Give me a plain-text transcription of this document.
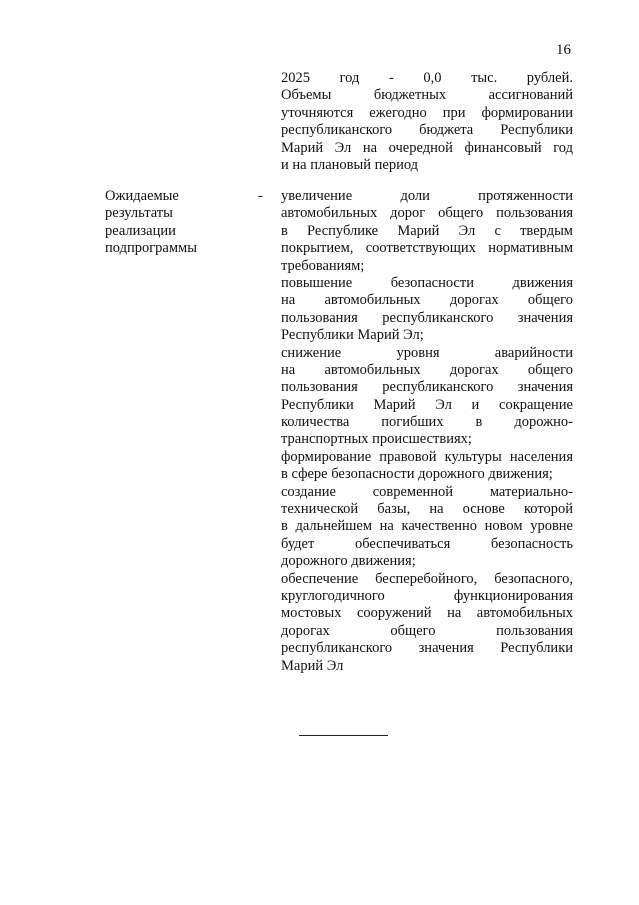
16
2025 год - 0,0 тыс. рублей.
Объемы бюджетных ассигнований
уточняются ежегодно при формировании
республиканского бюджета Республики
Марий Эл на очередной финансовый год
и на плановый период
Ожидаемые
результаты
реализации
подпрограммы
- увеличение доли протяженности
автомобильных дорог общего пользования
в Республике Марий Эл с твердым
покрытием, соответствующих нормативным
требованиям;
повышение безопасности движения
на автомобильных дорогах общего
пользования республиканского значения
Республики Марий Эл;
снижение уровня аварийности
на автомобильных дорогах общего
пользования республиканского значения
Республики Марий Эл и сокращение
количества погибших в дорожно-
транспортных происшествиях;
формирование правовой культуры населения
в сфере безопасности дорожного движения;
создание современной материально-
технической базы, на основе которой
в дальнейшем на качественно новом уровне
будет обеспечиваться безопасность
дорожного движения;
обеспечение бесперебойного, безопасного,
круглогодичного функционирования
мостовых сооружений на автомобильных
дорогах общего пользования
республиканского значения Республики
Марий Эл
